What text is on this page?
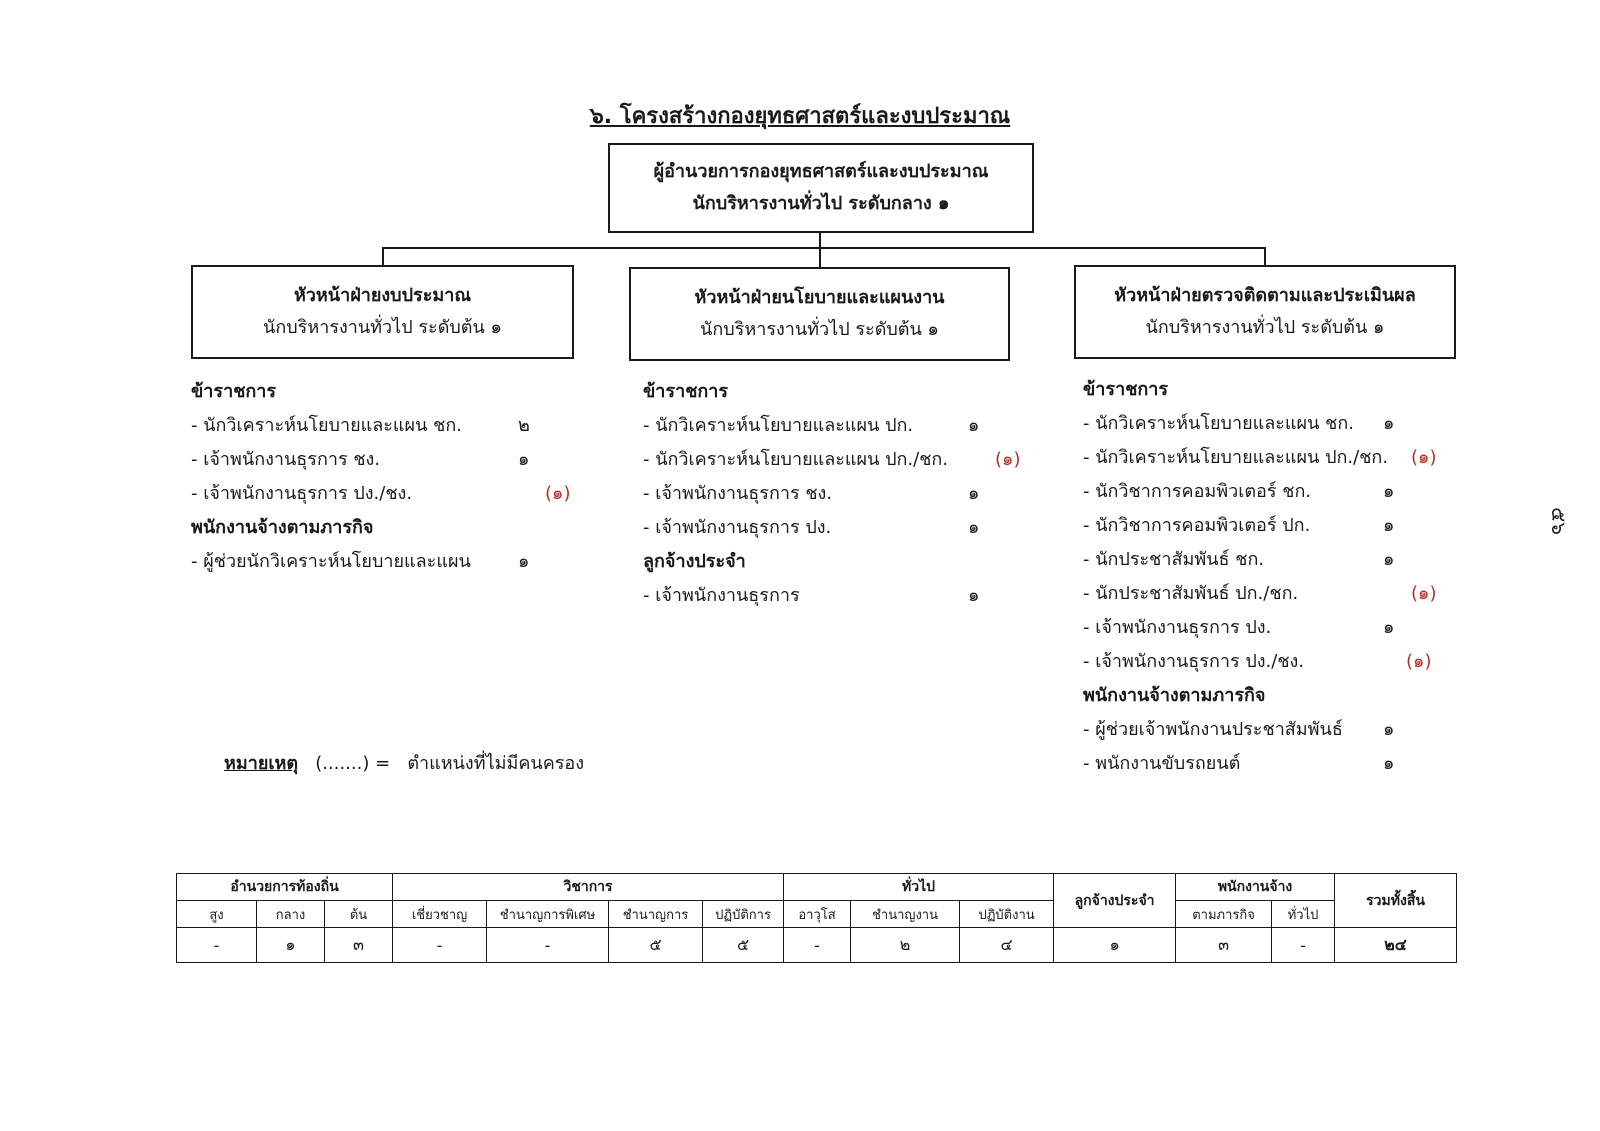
๖. โครงสร้างกองยุทธศาสตร์และงบประมาณ
ผู้อำนวยการกองยุทธศาสตร์และงบประมาณ
นักบริหารงานทั่วไป ระดับกลาง ๑
หัวหน้าฝ่ายงบประมาณ
นักบริหารงานทั่วไป ระดับต้น ๑
หัวหน้าฝ่ายนโยบายและแผนงาน
นักบริหารงานทั่วไป ระดับต้น ๑
หัวหน้าฝ่ายตรวจติดตามและประเมินผล
นักบริหารงานทั่วไป ระดับต้น ๑
ข้าราชการ
- นักวิเคราะห์นโยบายและแผน ชก.	๒
- เจ้าพนักงานธุรการ ชง.	๑
- เจ้าพนักงานธุรการ ปง./ชง.	(๑)
พนักงานจ้างตามภารกิจ
- ผู้ช่วยนักวิเคราะห์นโยบายและแผน	๑
ข้าราชการ
- นักวิเคราะห์นโยบายและแผน ปก.	๑
- นักวิเคราะห์นโยบายและแผน ปก./ชก.	(๑)
- เจ้าพนักงานธุรการ ชง.	๑
- เจ้าพนักงานธุรการ ปง.	๑
ลูกจ้างประจำ
- เจ้าพนักงานธุรการ	๑
ข้าราชการ
- นักวิเคราะห์นโยบายและแผน ชก. ๑
- นักวิเคราะห์นโยบายและแผน ปก./ชก. (๑)
- นักวิชาการคอมพิวเตอร์ ชก.	๑
- นักวิชาการคอมพิวเตอร์ ปก.	๑
- นักประชาสัมพันธ์ ชก.	๑
- นักประชาสัมพันธ์ ปก./ชก.	(๑)
- เจ้าพนักงานธุรการ ปง.	๑
- เจ้าพนักงานธุรการ ปง./ชง.	(๑)
พนักงานจ้างตามภารกิจ
- ผู้ช่วยเจ้าพนักงานประชาสัมพันธ์ ๑
- พนักงานขับรถยนต์	๑
หมายเหตุ (.......) = ตำแหน่งที่ไม่มีคนครอง
๕๖
อำนวยการท้องถิ่น			วิชาการ				ทั่วไป			ลูกจ้างประจำ	พนักงานจ้าง		รวมทั้งสิ้น
สูง	กลาง	ต้น	เชี่ยวชาญ	ชำนาญการพิเศษ	ชำนาญการ	ปฏิบัติการ	อาวุโส	ชำนาญงาน	ปฏิบัติงาน		ตามภารกิจ	ทั่วไป	
-	๑	๓	-	-	๕	๕	-	๒	๔	๑	๓	-	๒๔
